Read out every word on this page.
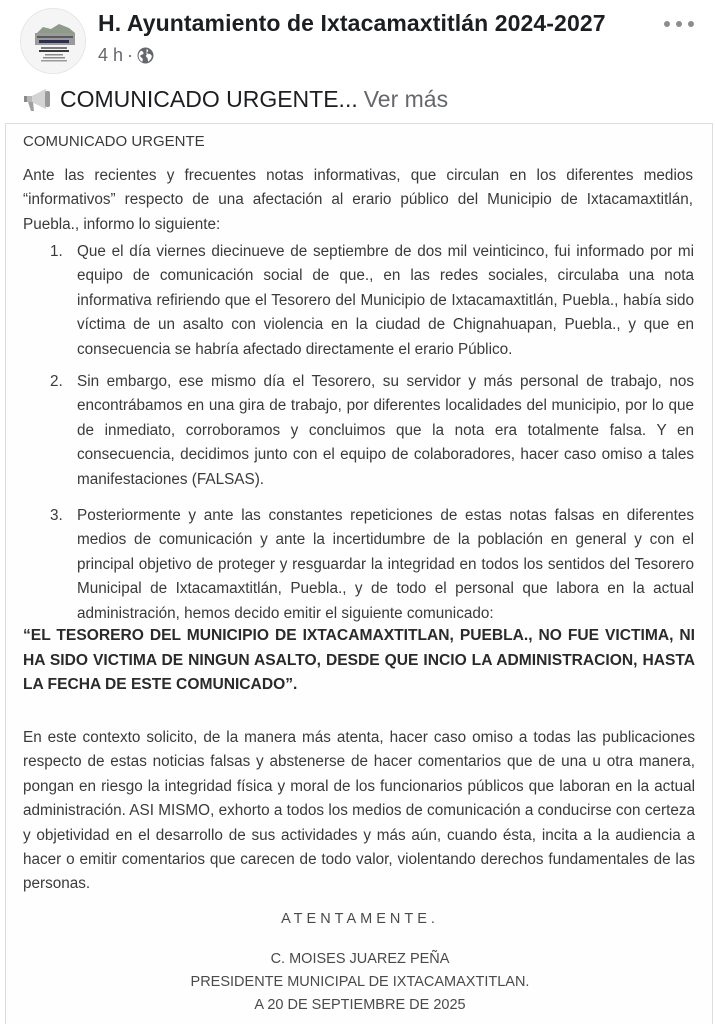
H. Ayuntamiento de Ixtacamaxtitlán 2024-2027
4 h ·
COMUNICADO URGENTE... Ver más
COMUNICADO URGENTE
Ante las recientes y frecuentes notas informativas, que circulan en los diferentes medios “informativos” respecto de una afectación al erario público del Municipio de Ixtacamaxtitlán, Puebla., informo lo siguiente:
1. Que el día viernes diecinueve de septiembre de dos mil veinticinco, fui informado por mi equipo de comunicación social de que., en las redes sociales, circulaba una nota informativa refiriendo que el Tesorero del Municipio de Ixtacamaxtitlán, Puebla., había sido víctima de un asalto con violencia en la ciudad de Chignahuapan, Puebla., y que en consecuencia se habría afectado directamente el erario Público.
2. Sin embargo, ese mismo día el Tesorero, su servidor y más personal de trabajo, nos encontrábamos en una gira de trabajo, por diferentes localidades del municipio, por lo que de inmediato, corroboramos y concluimos que la nota era totalmente falsa. Y en consecuencia, decidimos junto con el equipo de colaboradores, hacer caso omiso a tales manifestaciones (FALSAS).
3. Posteriormente y ante las constantes repeticiones de estas notas falsas en diferentes medios de comunicación y ante la incertidumbre de la población en general y con el principal objetivo de proteger y resguardar la integridad en todos los sentidos del Tesorero Municipal de Ixtacamaxtitlán, Puebla., y de todo el personal que labora en la actual administración, hemos decido emitir el siguiente comunicado:
“EL TESORERO DEL MUNICIPIO DE IXTACAMAXTITLAN, PUEBLA., NO FUE VICTIMA, NI HA SIDO VICTIMA DE NINGUN ASALTO, DESDE QUE INCIO LA ADMINISTRACION, HASTA LA FECHA DE ESTE COMUNICADO”.
En este contexto solicito, de la manera más atenta, hacer caso omiso a todas las publicaciones respecto de estas noticias falsas y abstenerse de hacer comentarios que de una u otra manera, pongan en riesgo la integridad física y moral de los funcionarios públicos que laboran en la actual administración. ASI MISMO, exhorto a todos los medios de comunicación a conducirse con certeza y objetividad en el desarrollo de sus actividades y más aún, cuando ésta, incita a la audiencia a hacer o emitir comentarios que carecen de todo valor, violentando derechos fundamentales de las personas.
ATENTAMENTE.
C. MOISES JUAREZ PEÑA
PRESIDENTE MUNICIPAL DE IXTACAMAXTITLAN.
A 20 DE SEPTIEMBRE DE 2025
